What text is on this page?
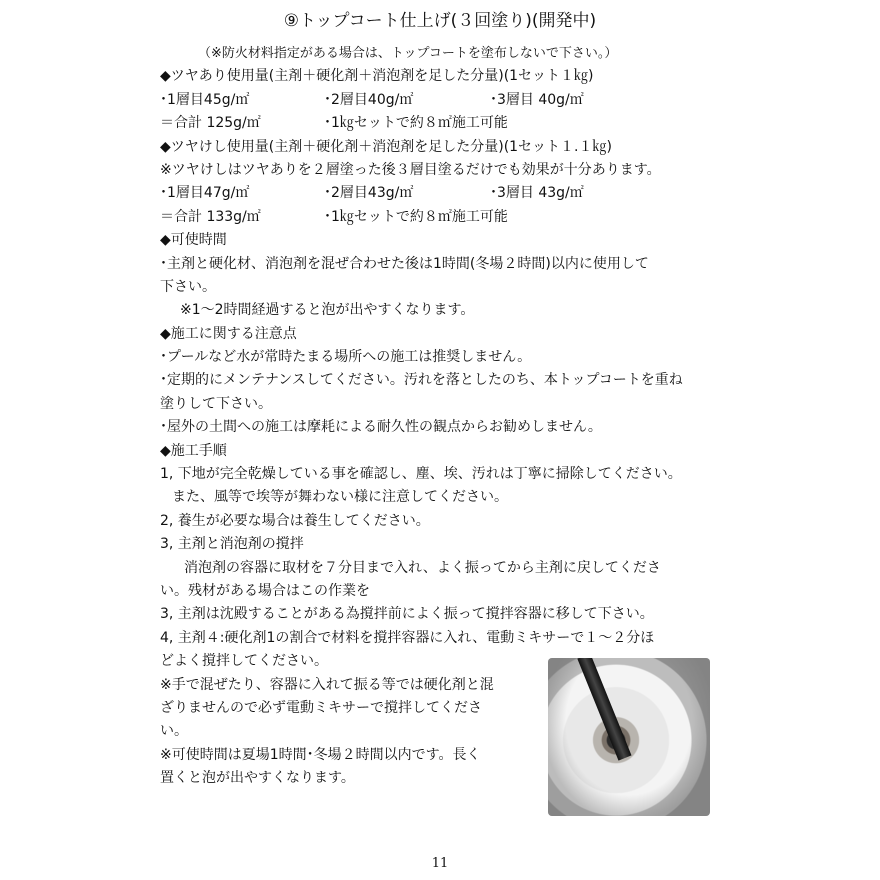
⑨トップコート仕上げ(３回塗り)(開発中)
（※防火材料指定がある場合は、トップコートを塗布しないで下さい。）
◆ツヤあり使用量(主剤＋硬化剤＋消泡剤を足した分量)(1セット１㎏)
･1層目45g/㎡	･2層目40g/㎡	･3層目 40g/㎡
＝合計 125g/㎡	･1㎏セットで約８㎡施工可能
◆ツヤけし使用量(主剤＋硬化剤＋消泡剤を足した分量)(1セット１.１㎏)
※ツヤけしはツヤありを２層塗った後３層目塗るだけでも効果が十分あります。
･1層目47g/㎡	･2層目43g/㎡	･3層目 43g/㎡
＝合計 133g/㎡	･1㎏セットで約８㎡施工可能
◆可使時間
･主剤と硬化材、消泡剤を混ぜ合わせた後は1時間(冬場２時間)以内に使用して
下さい。
※1～2時間経過すると泡が出やすくなります。
◆施工に関する注意点
･プールなど水が常時たまる場所への施工は推奨しません。
･定期的にメンテナンスしてください。汚れを落としたのち、本トップコートを重ね
塗りして下さい。
･屋外の土間への施工は摩耗による耐久性の観点からお勧めしません。
◆施工手順
1, 下地が完全乾燥している事を確認し、塵、埃、汚れは丁寧に掃除してください。
また、風等で埃等が舞わない様に注意してください。
2, 養生が必要な場合は養生してください。
3, 主剤と消泡剤の撹拌
消泡剤の容器に取材を７分目まで入れ、よく振ってから主剤に戻してくださ
い。残材がある場合はこの作業を
3, 主剤は沈殿することがある為撹拌前によく振って撹拌容器に移して下さい。
4, 主剤４:硬化剤1の割合で材料を撹拌容器に入れ、電動ミキサーで１～２分ほ
どよく撹拌してください。
※手で混ぜたり、容器に入れて振る等では硬化剤と混
ざりませんので必ず電動ミキサーで撹拌してくださ
い。
※可使時間は夏場1時間･冬場２時間以内です。長く
置くと泡が出やすくなります。
11
